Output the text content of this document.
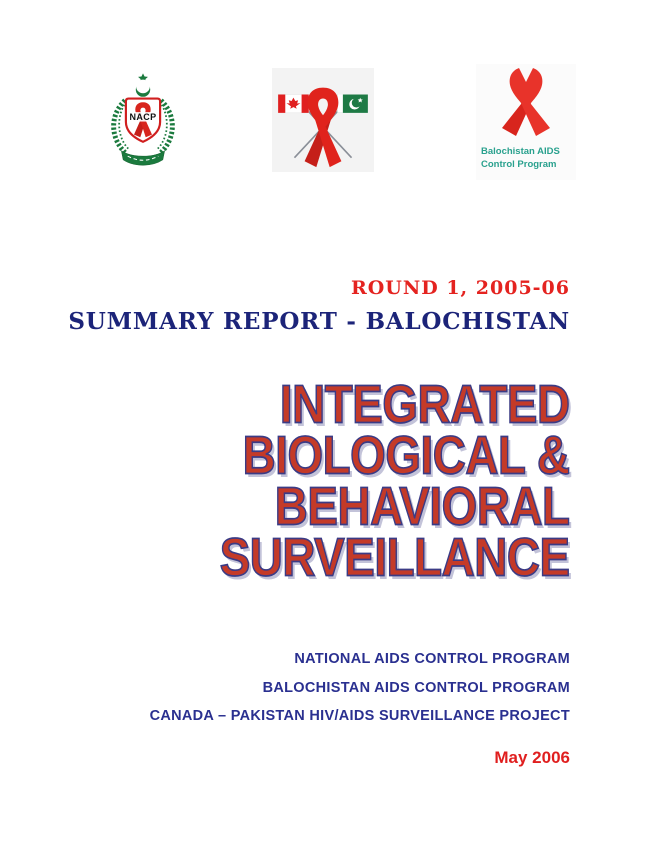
NACP
Balochistan AIDS
Control Program
ROUND 1, 2005-06
SUMMARY REPORT - BALOCHISTAN
INTEGRATED
BIOLOGICAL &
BEHAVIORAL
SURVEILLANCE
NATIONAL AIDS CONTROL PROGRAM
BALOCHISTAN AIDS CONTROL PROGRAM
CANADA – PAKISTAN HIV/AIDS SURVEILLANCE PROJECT
May 2006
